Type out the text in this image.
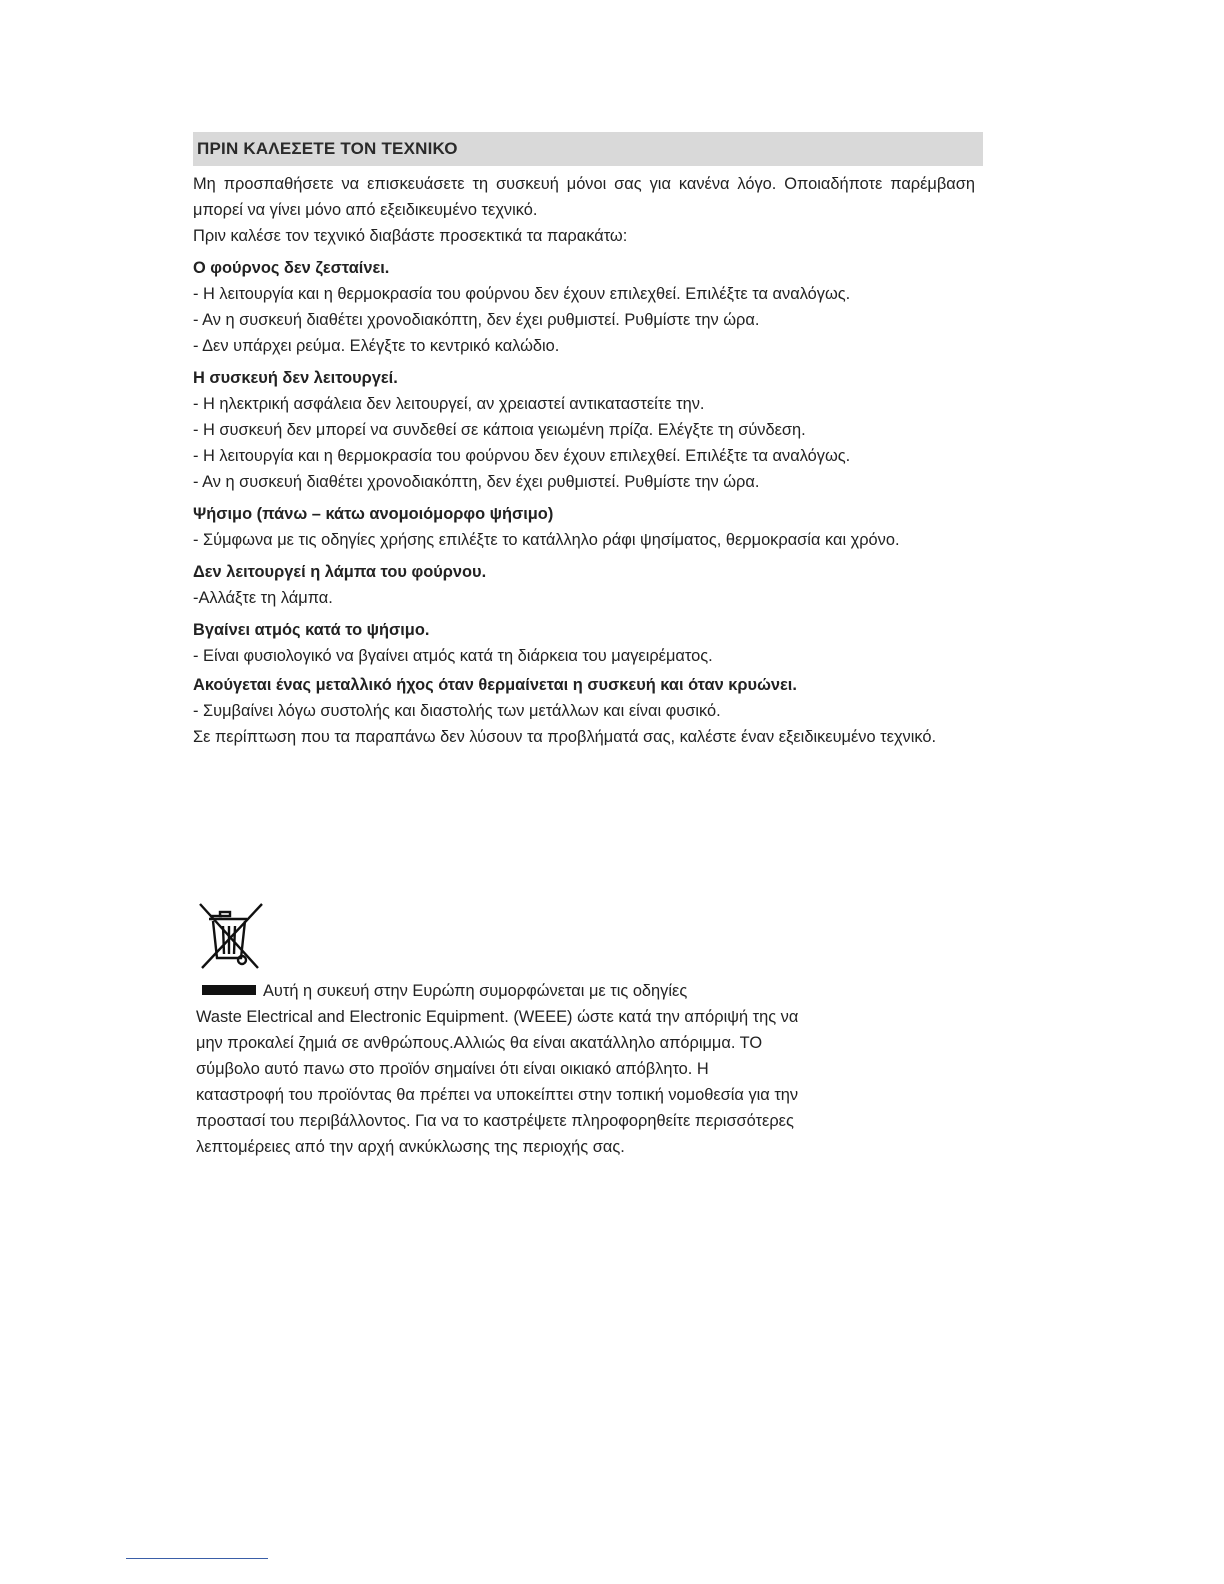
ΠΡΙΝ ΚΑΛΕΣΕΤΕ ΤΟΝ ΤΕΧΝΙΚΟ

Μη προσπαθήσετε να επισκευάσετε τη συσκευή μόνοι σας για κανένα λόγο. Οποιαδήποτε παρέμβαση μπορεί να γίνει μόνο από εξειδικευμένο τεχνικό.

Πριν καλέσε τον τεχνικό διαβάστε προσεκτικά τα παρακάτω:

Ο φούρνος δεν ζεσταίνει.

- Η λειτουργία και η θερμοκρασία του φούρνου δεν έχουν επιλεχθεί. Επιλέξτε τα αναλόγως.

- Αν η συσκευή διαθέτει χρονοδιακόπτη, δεν έχει ρυθμιστεί. Ρυθμίστε την ώρα.

- Δεν υπάρχει ρεύμα. Ελέγξτε το κεντρικό καλώδιο.

Η συσκευή δεν λειτουργεί.

- Η ηλεκτρική ασφάλεια δεν λειτουργεί, αν χρειαστεί αντικαταστείτε την.

- Η συσκευή δεν μπορεί να συνδεθεί σε κάποια γειωμένη πρίζα. Ελέγξτε τη σύνδεση.

- Η λειτουργία και η θερμοκρασία του φούρνου δεν έχουν επιλεχθεί. Επιλέξτε τα αναλόγως.

- Αν η συσκευή διαθέτει χρονοδιακόπτη, δεν έχει ρυθμιστεί. Ρυθμίστε την ώρα.

Ψήσιμο (πάνω – κάτω ανομοιόμορφο ψήσιμο)

- Σύμφωνα με τις οδηγίες χρήσης επιλέξτε το κατάλληλο ράφι ψησίματος, θερμοκρασία και χρόνο.

Δεν λειτουργεί η λάμπα του φούρνου.

-Αλλάξτε τη λάμπα.

Βγαίνει ατμός κατά το ψήσιμο.

- Είναι φυσιολογικό να βγαίνει ατμός κατά τη διάρκεια του μαγειρέματος.

Ακούγεται ένας μεταλλικό ήχος όταν θερμαίνεται η συσκευή και όταν κρυώνει.

- Συμβαίνει λόγω συστολής και διαστολής των μετάλλων και είναι φυσικό.

Σε περίπτωση που τα παραπάνω δεν λύσουν τα προβλήματά σας, καλέστε έναν εξειδικευμένο τεχνικό.

Αυτή η συκευή στην Ευρώπη συμορφώνεται με τις οδηγίες

Waste Electrical and Electronic Equipment. (WEEE) ώστε κατά την απόριψή της να

μην προκαλεί ζημιά σε ανθρώπους.Αλλιώς θα είναι ακατάλληλο απόριμμα. ΤΟ

σύμβολο αυτό πaνω στο προϊόν σημαίνει ότι είναι οικιακό απόβλητο. Η

καταστροφή του προϊόντας θα πρέπει να υποκείπτει στην τοπική νομοθεσία για την

προστασί του περιβάλλοντος. Για να το καστρέψετε πληροφορηθείτε περισσότερες

λεπτομέρειες από την αρχή ανκύκλωσης της περιοχής σας.
